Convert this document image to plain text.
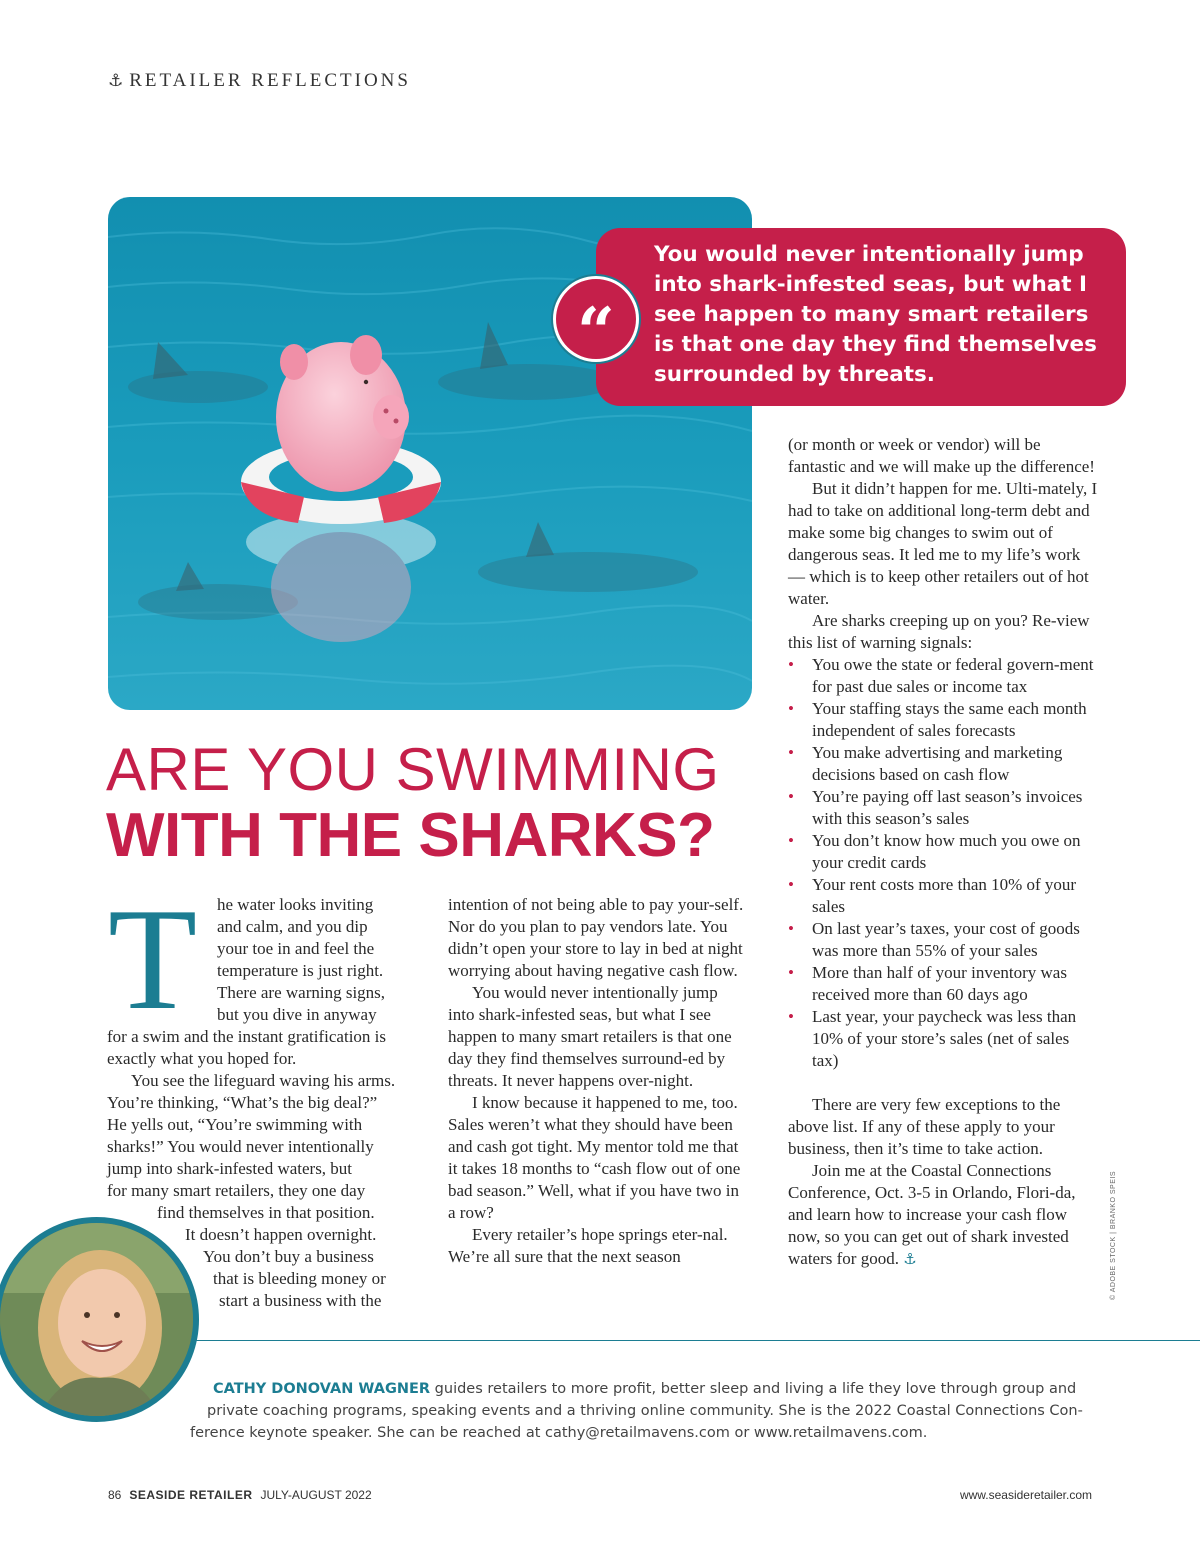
⚓ RETAILER REFLECTIONS
You would never intentionally jump into shark-infested seas, but what I see happen to many smart retailers is that one day they find themselves surrounded by threats.
“
ARE YOU SWIMMING
WITH THE SHARKS?
T	he water looks inviting
and calm, and you dip
your toe in and feel the
temperature is just right.
There are warning signs,
but you dive in anyway
for a swim and the instant gratification is
exactly what you hoped for.
You see the lifeguard waving his arms.
You’re thinking, “What’s the big deal?”
He yells out, “You’re swimming with
sharks!” You would never intentionally
jump into shark-infested waters, but
for many smart retailers, they one day
find themselves in that position.
It doesn’t happen overnight.
You don’t buy a business
that is bleeding money or
start a business with the

intention of not being able to pay your-self. Nor do you plan to pay vendors late. You didn’t open your store to lay in bed at night worrying about having negative cash flow.

You would never intentionally jump into shark-infested seas, but what I see happen to many smart retailers is that one day they find themselves surround-ed by threats. It never happens over-night.

I know because it happened to me, too. Sales weren’t what they should have been and cash got tight. My mentor told me that it takes 18 months to “cash flow out of one bad season.” Well, what if you have two in a row?

Every retailer’s hope springs eter-nal. We’re all sure that the next season

(or month or week or vendor) will be fantastic and we will make up the difference!

But it didn’t happen for me. Ulti-mately, I had to take on additional long-term debt and make some big changes to swim out of dangerous seas. It led me to my life’s work — which is to keep other retailers out of hot water.

Are sharks creeping up on you? Re-view this list of warning signals:

• You owe the state or federal govern-ment for past due sales or income tax
• Your staffing stays the same each month independent of sales forecasts
• You make advertising and marketing decisions based on cash flow
• You’re paying off last season’s invoices with this season’s sales
• You don’t know how much you owe on your credit cards
• Your rent costs more than 10% of your sales
• On last year’s taxes, your cost of goods was more than 55% of your sales
• More than half of your inventory was received more than 60 days ago
• Last year, your paycheck was less than 10% of your store’s sales (net of sales tax)

There are very few exceptions to the above list. If any of these apply to your business, then it’s time to take action.

Join me at the Coastal Connections Conference, Oct. 3-5 in Orlando, Flori-da, and learn how to increase your cash flow now, so you can get out of shark invested waters for good. ⚓	© ADOBE STOCK | BRANKO SPEIS
CATHY DONOVAN WAGNER guides retailers to more profit, better sleep and living a life they love through group and
private coaching programs, speaking events and a thriving online community. She is the 2022 Coastal Connections Con-
ference keynote speaker. She can be reached at cathy@retailmavens.com or www.retailmavens.com.
86 SEASIDE RETAILER JULY-AUGUST 2022	www.seasideretailer.com
